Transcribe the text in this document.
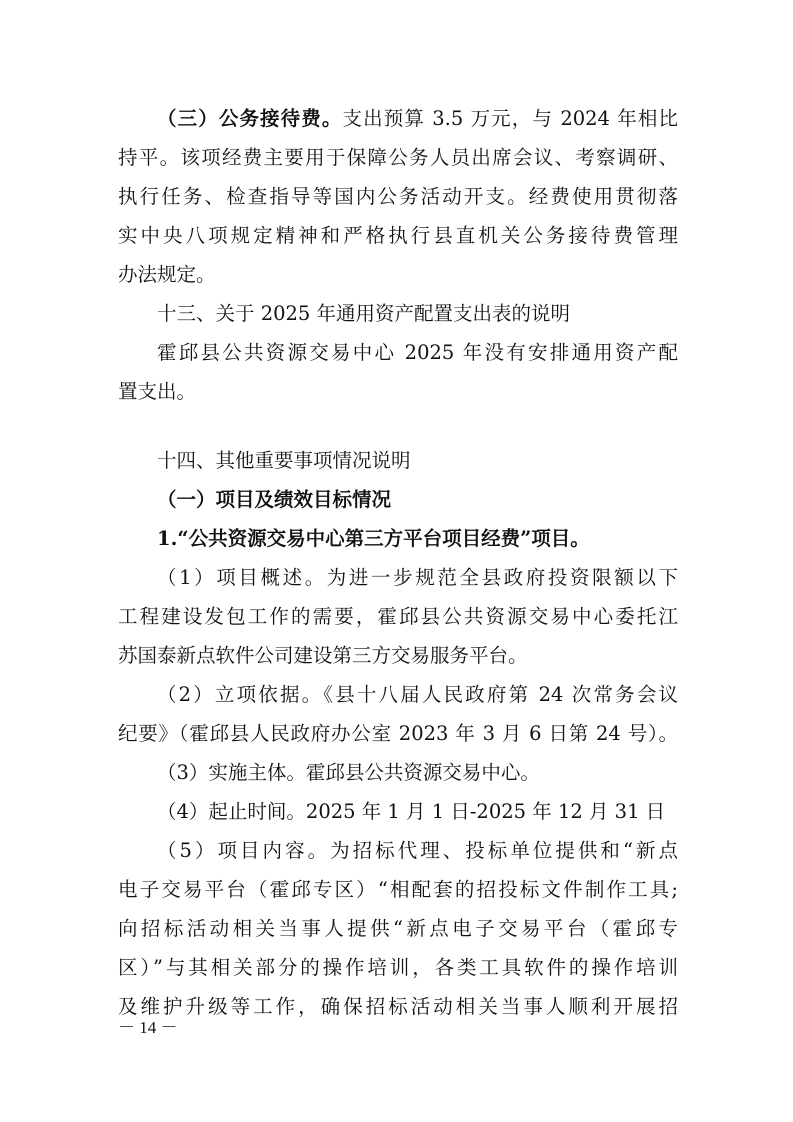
（三）公务接待费。支出预算 3.5 万元，与 2024 年相比
持平。该项经费主要用于保障公务人员出席会议、考察调研、
执行任务、检查指导等国内公务活动开支。经费使用贯彻落
实中央八项规定精神和严格执行县直机关公务接待费管理
办法规定。
十三、关于 2025 年通用资产配置支出表的说明
霍邱县公共资源交易中心 2025 年没有安排通用资产配
置支出。
十四、其他重要事项情况说明
（一）项目及绩效目标情况
1.“公共资源交易中心第三方平台项目经费”项目。
（1）项目概述。为进一步规范全县政府投资限额以下
工程建设发包工作的需要，霍邱县公共资源交易中心委托江
苏国泰新点软件公司建设第三方交易服务平台。
（2）立项依据。《县十八届人民政府第 24 次常务会议
纪要》（霍邱县人民政府办公室 2023 年 3 月 6 日第 24 号）。
（3）实施主体。霍邱县公共资源交易中心。
（4）起止时间。2025 年 1 月 1 日-2025 年 12 月 31 日
（5）项目内容。为招标代理、投标单位提供和“新点
电子交易平台（霍邱专区）“相配套的招投标文件制作工具;
向招标活动相关当事人提供“新点电子交易平台（霍邱专
区）”与其相关部分的操作培训，各类工具软件的操作培训
及维护升级等工作，确保招标活动相关当事人顺利开展招
－ 14 －
